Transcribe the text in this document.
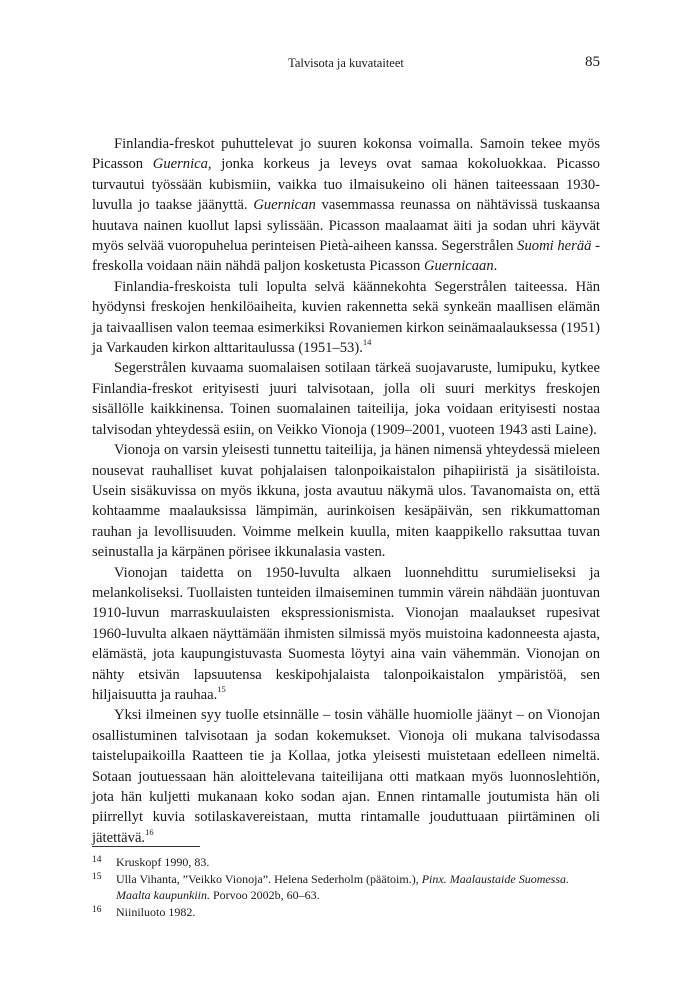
Talvisota ja kuvataiteet	85

Finlandia-freskot puhuttelevat jo suuren kokonsa voimalla. Samoin tekee myös Picasson Guernica, jonka korkeus ja leveys ovat samaa kokoluokkaa. Picasso turvautui työssään kubismiin, vaikka tuo ilmaisukeino oli hänen taiteessaan 1930-luvulla jo taakse jäänyttä. Guernican vasemmassa reunassa on nähtävissä tuskaansa huutava nainen kuollut lapsi sylissään. Picasson maalaamat äiti ja sodan uhri käyvät myös selvää vuoropuhelua perinteisen Pietà-aiheen kanssa. Segerstrålen Suomi herää -freskolla voidaan näin nähdä paljon kosketusta Picasson Guernicaan.

Finlandia-freskoista tuli lopulta selvä käännekohta Segerstrålen taiteessa. Hän hyödynsi freskojen henkilöaiheita, kuvien rakennetta sekä synkeän maallisen elämän ja taivaallisen valon teemaa esimerkiksi Rovaniemen kirkon seinämaalauksessa (1951) ja Varkauden kirkon alttaritaulussa (1951–53).$^{14}$

Segerstrålen kuvaama suomalaisen sotilaan tärkeä suojavaruste, lumipuku, kytkee Finlandia-freskot erityisesti juuri talvisotaan, jolla oli suuri merkitys freskojen sisällölle kaikkinensa. Toinen suomalainen taiteilija, joka voidaan erityisesti nostaa talvisodan yhteydessä esiin, on Veikko Vionoja (1909–2001, vuoteen 1943 asti Laine).

Vionoja on varsin yleisesti tunnettu taiteilija, ja hänen nimensä yhteydessä mieleen nousevat rauhalliset kuvat pohjalaisen talonpoikaistalon pihapiiristä ja sisätiloista. Usein sisäkuvissa on myös ikkuna, josta avautuu näkymä ulos. Tavanomaista on, että kohtaamme maalauksissa lämpimän, aurinkoisen kesäpäivän, sen rikkumattoman rauhan ja levollisuuden. Voimme melkein kuulla, miten kaappikello raksuttaa tuvan seinustalla ja kärpänen pörisee ikkunalasia vasten.

Vionojan taidetta on 1950-luvulta alkaen luonnehdittu surumieliseksi ja melankoliseksi. Tuollaisten tunteiden ilmaiseminen tummin värein nähdään juontuvan 1910-luvun marraskuulaisten ekspressionismista. Vionojan maalaukset rupesivat 1960-luvulta alkaen näyttämään ihmisten silmissä myös muistoina kadonneesta ajasta, elämästä, jota kaupungistuvasta Suomesta löytyi aina vain vähemmän. Vionojan on nähty etsivän lapsuutensa keskipohjalaista talonpoikaistalon ympäristöä, sen hiljaisuutta ja rauhaa.$^{15}$

Yksi ilmeinen syy tuolle etsinnälle – tosin vähälle huomiolle jäänyt – on Vionojan osallistuminen talvisotaan ja sodan kokemukset. Vionoja oli mukana talvisodassa taistelupaikoilla Raatteen tie ja Kollaa, jotka yleisesti muistetaan edelleen nimeltä. Sotaan joutuessaan hän aloittelevana taiteilijana otti matkaan myös luonnoslehtiön, jota hän kuljetti mukanaan koko sodan ajan. Ennen rintamalle joutumista hän oli piirrellyt kuvia sotilaskavereistaan, mutta rintamalle jouduttuaan piirtäminen oli jätettävä.$^{16}$

14 Kruskopf 1990, 83.

15 Ulla Vihanta, ”Veikko Vionoja”. Helena Sederholm (päätoim.), Pinx. Maalaustaide Suomessa. Maalta kaupunkiin. Porvoo 2002b, 60–63.

16 Niiniluoto 1982.
